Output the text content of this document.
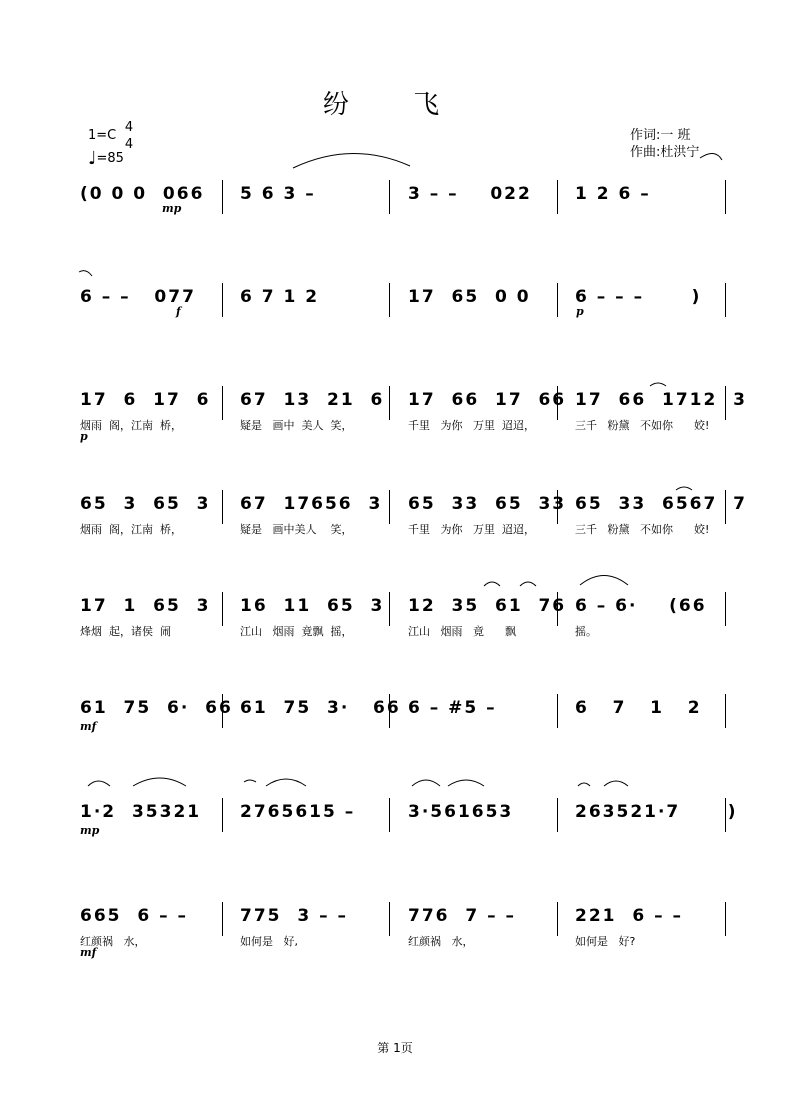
纷 飞
1=C
4
4
♩=85
作词:一 班
作曲:杜洪宁
(0 0 0  066 5 6 3 –	3 – –    022	1 2 6 –
mp
6 – –   077	6 7 1 2	17  65  0 0	6 – – –      )
f	p
17  6  17  6 67  13  21  6 17  66  17  66 17  66  1712  3
烟雨  阁，江南  桥，	疑是   画中  美人  笑，	千里   为你   万里  迢迢，	三千   粉黛   不如你      姣!
p
65  3  65  3 67  17656  3 65  33  65  33 65  33  6567  7
烟雨  阁，江南  桥，	疑是   画中美人    笑，	千里   为你   万里  迢迢，	三千   粉黛   不如你      姣!
17  1  65  3 16  11  65  3 12  35  61  76 6 – 6·    (66
烽烟  起，诸侯  闹	江山   烟雨  竟飘  摇，	江山   烟雨   竟      飘	摇。
61  75  6·  66 61  75  3·   66 6 – #5 –	6   7   1   2
mf
1·2  35321 2765615 –	3·561653	263521·7      )
mp
665  6 – –	775  3 – –	776  7 – –	221  6 – –
红颜祸   水，	如何是   好,	红颜祸   水，	如何是   好?
mf
第 1页
